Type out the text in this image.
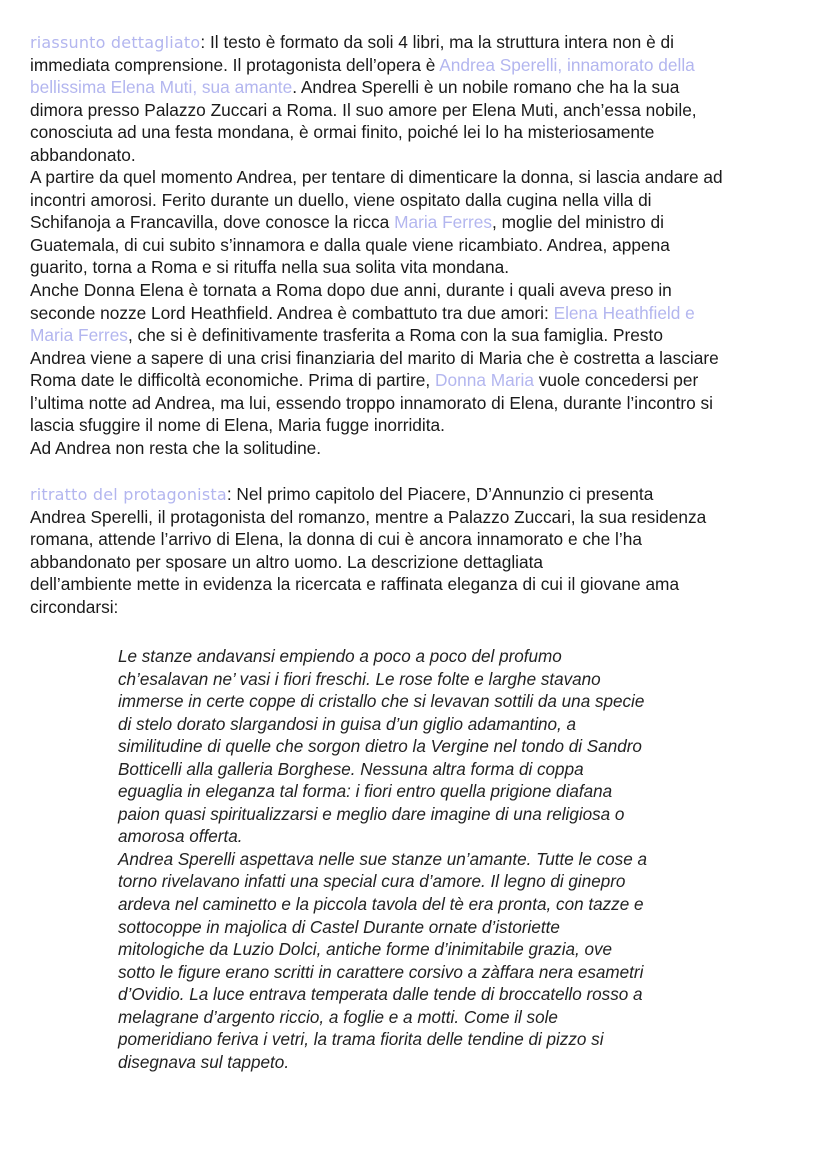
riassunto dettagliato: Il testo è formato da soli 4 libri, ma la struttura intera non è di
immediata comprensione. Il protagonista dell’opera è Andrea Sperelli, innamorato della
bellissima Elena Muti, sua amante. Andrea Sperelli è un nobile romano che ha la sua
dimora presso Palazzo Zuccari a Roma. Il suo amore per Elena Muti, anch’essa nobile,
conosciuta ad una festa mondana, è ormai finito, poiché lei lo ha misteriosamente
abbandonato.
A partire da quel momento Andrea, per tentare di dimenticare la donna, si lascia andare ad
incontri amorosi. Ferito durante un duello, viene ospitato dalla cugina nella villa di
Schifanoja a Francavilla, dove conosce la ricca Maria Ferres, moglie del ministro di
Guatemala, di cui subito s’innamora e dalla quale viene ricambiato. Andrea, appena
guarito, torna a Roma e si rituffa nella sua solita vita mondana.
Anche Donna Elena è tornata a Roma dopo due anni, durante i quali aveva preso in
seconde nozze Lord Heathfield. Andrea è combattuto tra due amori: Elena Heathfield e
Maria Ferres, che si è definitivamente trasferita a Roma con la sua famiglia. Presto
Andrea viene a sapere di una crisi finanziaria del marito di Maria che è costretta a lasciare
Roma date le difficoltà economiche. Prima di partire, Donna Maria vuole concedersi per
l’ultima notte ad Andrea, ma lui, essendo troppo innamorato di Elena, durante l’incontro si
lascia sfuggire il nome di Elena, Maria fugge inorridita.
Ad Andrea non resta che la solitudine.
ritratto del protagonista: Nel primo capitolo del Piacere, D’Annunzio ci presenta
Andrea Sperelli, il protagonista del romanzo, mentre a Palazzo Zuccari, la sua residenza
romana, attende l’arrivo di Elena, la donna di cui è ancora innamorato e che l’ha
abbandonato per sposare un altro uomo. La descrizione dettagliata
dell’ambiente mette in evidenza la ricercata e raffinata eleganza di cui il giovane ama
circondarsi:
Le stanze andavansi empiendo a poco a poco del profumo
ch’esalavan ne’ vasi i fiori freschi. Le rose folte e larghe stavano
immerse in certe coppe di cristallo che si levavan sottili da una specie
di stelo dorato slargandosi in guisa d’un giglio adamantino, a
similitudine di quelle che sorgon dietro la Vergine nel tondo di Sandro
Botticelli alla galleria Borghese. Nessuna altra forma di coppa
eguaglia in eleganza tal forma: i fiori entro quella prigione diafana
paion quasi spiritualizzarsi e meglio dare imagine di una religiosa o
amorosa offerta.
Andrea Sperelli aspettava nelle sue stanze un’amante. Tutte le cose a
torno rivelavano infatti una special cura d’amore. Il legno di ginepro
ardeva nel caminetto e la piccola tavola del tè era pronta, con tazze e
sottocoppe in majolica di Castel Durante ornate d’istoriette
mitologiche da Luzio Dolci, antiche forme d’inimitabile grazia, ove
sotto le figure erano scritti in carattere corsivo a zàffara nera esametri
d’Ovidio. La luce entrava temperata dalle tende di broccatello rosso a
melagrane d’argento riccio, a foglie e a motti. Come il sole
pomeridiano feriva i vetri, la trama fiorita delle tendine di pizzo si
disegnava sul tappeto.
